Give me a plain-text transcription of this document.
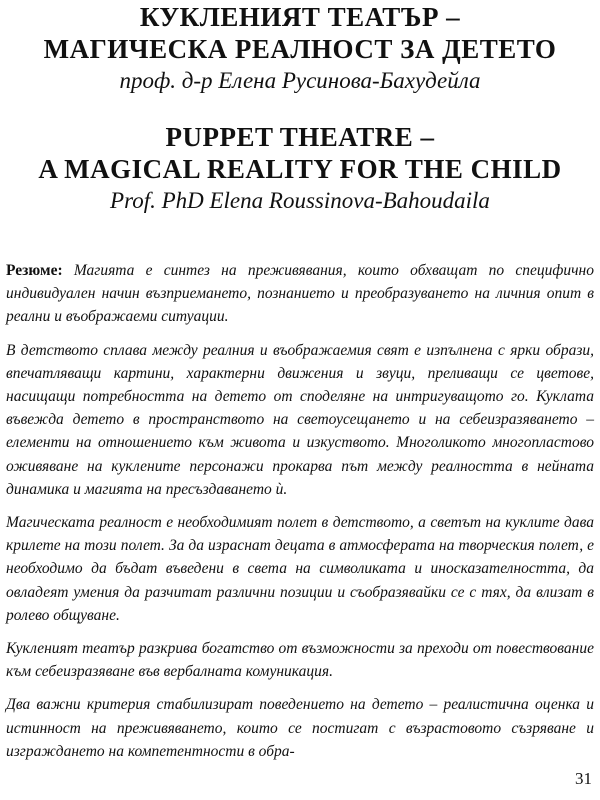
КУКЛЕНИЯТ ТЕАТЪР –
МАГИЧЕСКА РЕАЛНОСТ ЗА ДЕТЕТО
проф. д-р Елена Русинова-Бахудейла
PUPPET THEATRE –
A MAGICAL REALITY FOR THE CHILD
Prof. PhD Elena Roussinova-Bahoudaila

Резюме: Магията е синтез на преживявания, които обхващат по специфично индивидуален начин възприемането, познанието и преобразуването на личния опит в реални и въображаеми ситуации.

В детството сплава между реалния и въображаемия свят е изпълнена с ярки образи, впечатляващи картини, характерни движения и звуци, преливащи се цветове, насищащи потребността на детето от споделяне на интригуващото го. Куклата въвежда детето в пространството на светоусещането и на себеизразяването – елементи на отношението към живота и изкуството. Многоликото многопластово оживяване на куклените персонажи прокарва път между реалността в нейната динамика и магията на пресъздаването ѝ.

Магическата реалност е необходимият полет в детството, а светът на куклите дава крилете на този полет. За да израснат децата в атмосферата на творческия полет, е необходимо да бъдат въведени в света на символиката и иносказателността, да овладеят умения да разчитат различни позиции и съобразявайки се с тях, да влизат в ролево общуване.

Кукленият театър разкрива богатство от възможности за преходи от повествование към себеизразяване във вербалната комуникация.

Два важни критерия стабилизират поведението на детето – реалистична оценка и истинност на преживяването, които се постигат с възрастовото съзряване и изграждането на компетентности в обра-

31
